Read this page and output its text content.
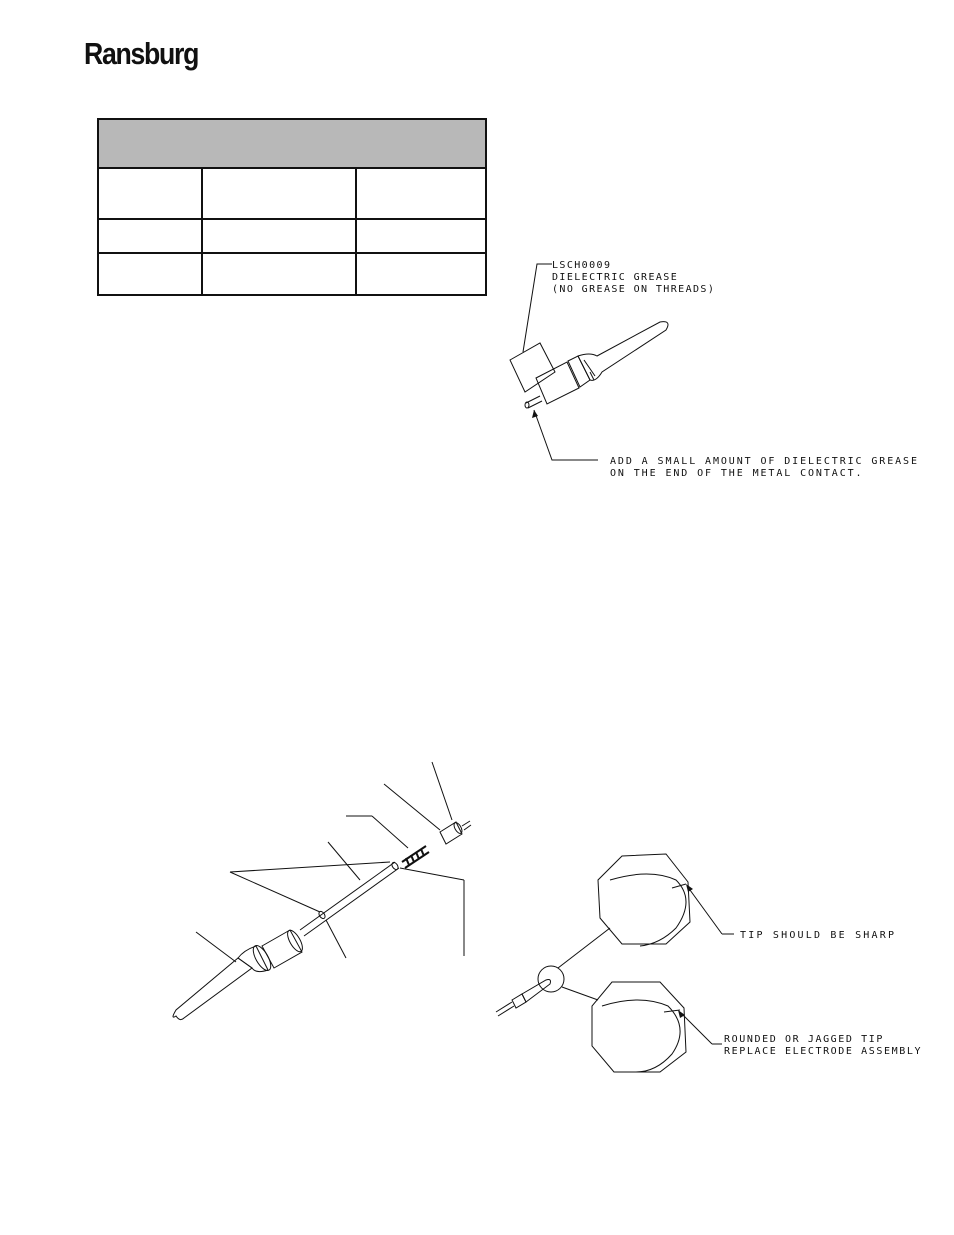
Ransburg
LSCH0009
DIELECTRIC GREASE
(NO GREASE ON THREADS)
ADD A SMALL AMOUNT OF DIELECTRIC GREASE
ON THE END OF THE METAL CONTACT.
TIP SHOULD BE SHARP
ROUNDED OR JAGGED TIP
REPLACE ELECTRODE ASSEMBLY
